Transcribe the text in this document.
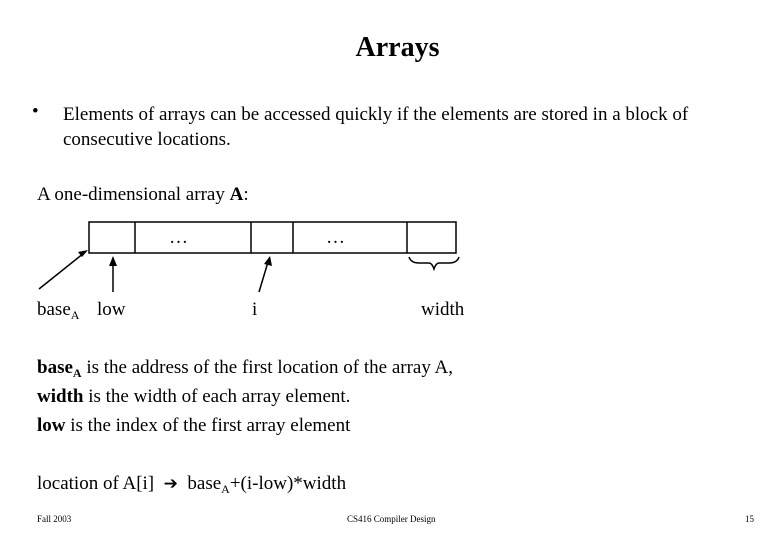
Arrays
• Elements of arrays can be accessed quickly if the elements are stored in a block of consecutive locations.
A one-dimensional array A:
…	…
base$_A$ low	i	width
base$_A$ is the address of the first location of the array A,
width is the width of each array element.
low is the index of the first array element
location of A[i] ➔ base$_A$+(i-low)*width
Fall 2003	CS416 Compiler Design	15
